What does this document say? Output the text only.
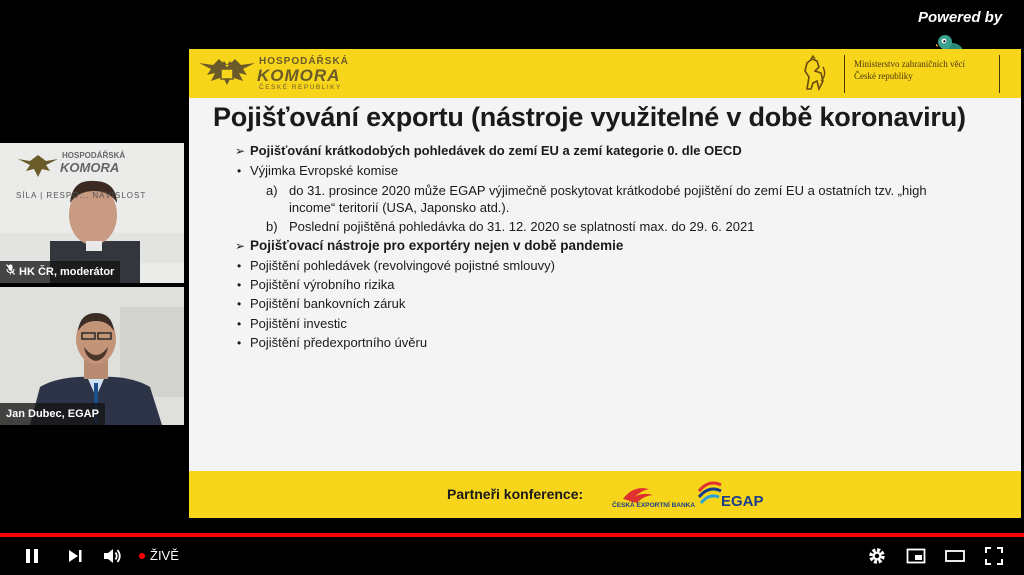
Powered by
HOSPODÁŘSKÁ
KOMORA
ČESKÉ REPUBLIKY
Ministerstvo zahraničních věcí
České republiky
Pojišťování exportu (nástroje využitelné v době koronaviru)
➢ Pojišťování krátkodobých pohledávek do zemí EU a zemí kategorie 0. dle OECD
• Výjimka Evropské komise
a) do 31. prosince 2020 může EGAP výjimečně poskytovat krátkodobé pojištění do zemí EU a ostatních tzv. „high
income“ teritorií (USA, Japonsko atd.).
b) Poslední pojištěná pohledávka do 31. 12. 2020 se splatností max. do 29. 6. 2021
➢ Pojišťovací nástroje pro exportéry nejen v době pandemie
• Pojištění pohledávek (revolvingové pojistné smlouvy)
• Pojištění výrobního rizika
• Pojištění bankovních záruk
• Pojištění investic
• Pojištění předexportního úvěru
Partneři konference:
ČESKÁ EXPORTNÍ BANKA EGAP
HOSPODÁŘSKÁ
KOMORA
SÍLA | RESPO... NÁVISLOST
HK ČR, moderátor
Jan Dubec, EGAP
ŽIVĚ
